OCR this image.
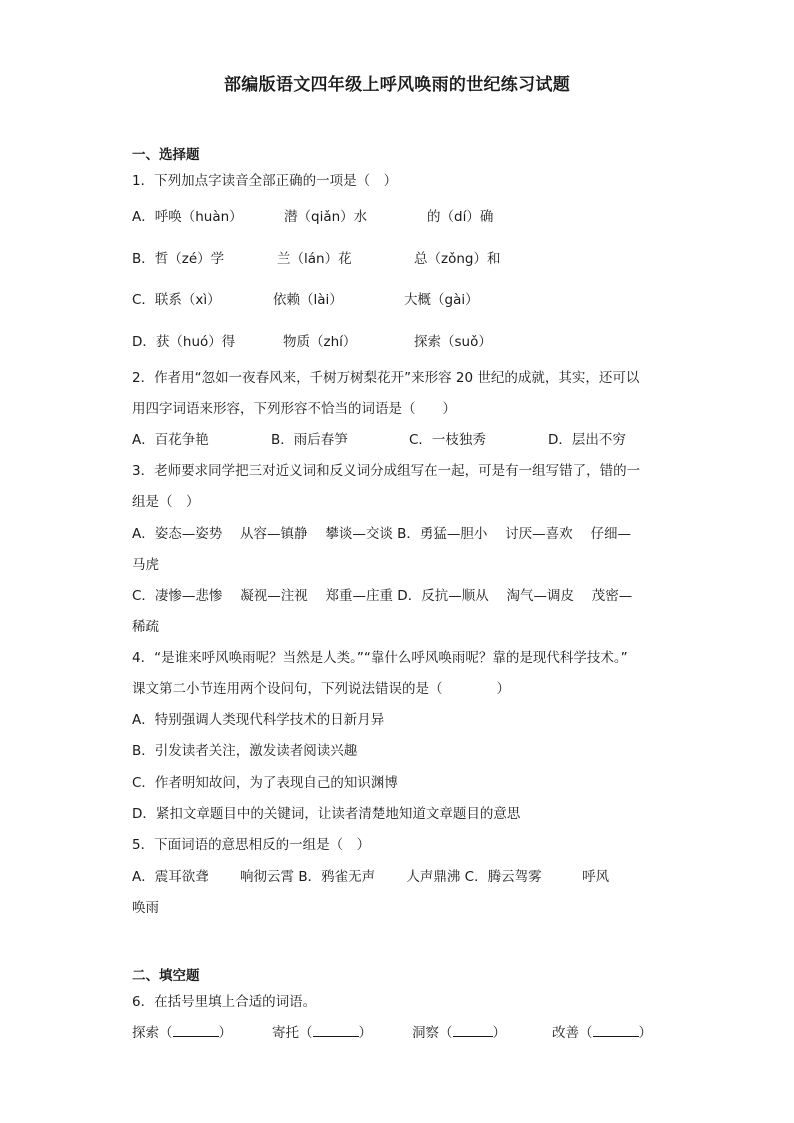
部编版语文四年级上呼风唤雨的世纪练习试题
一、选择题
1．下列加点字读音全部正确的一项是（　）
A．呼唤（huàn）	潜（qiǎn）水	的（dí）确
B．哲（zé）学	兰（lán）花	总（zǒng）和
C．联系（xì）	依赖（lài）	大概（gài）
D．获（huó）得	物质（zhí）	探索（suǒ）
2．作者用“忽如一夜春风来，千树万树梨花开”来形容 20 世纪的成就，其实，还可以
用四字词语来形容，下列形容不恰当的词语是（　　）
A．百花争艳	B．雨后春笋	C．一枝独秀	D．层出不穷
3．老师要求同学把三对近义词和反义词分成组写在一起，可是有一组写错了，错的一
组是（　）
A．姿态—姿势　 从容—镇静　 攀谈—交谈 B．勇猛—胆小　 讨厌—喜欢　 仔细—
马虎
C．凄惨—悲惨　 凝视—注视　 郑重—庄重 D．反抗—顺从　 淘气—调皮　 茂密—
稀疏
4．“是谁来呼风唤雨呢？当然是人类。”“靠什么呼风唤雨呢？靠的是现代科学技术。”
课文第二小节连用两个设问句，下列说法错误的是（　　　　）
A．特别强调人类现代科学技术的日新月异
B．引发读者关注，激发读者阅读兴趣
C．作者明知故问，为了表现自己的知识渊博
D．紧扣文章题目中的关键词，让读者清楚地知道文章题目的意思
5．下面词语的意思相反的一组是（　）
A．震耳欲聋　　 响彻云霄 B．鸦雀无声　　 人声鼎沸 C．腾云驾雾　　　呼风
唤雨
二、填空题
6．在括号里填上合适的词语。
探索（	）	寄托（	）	洞察（	）	改善（	）
